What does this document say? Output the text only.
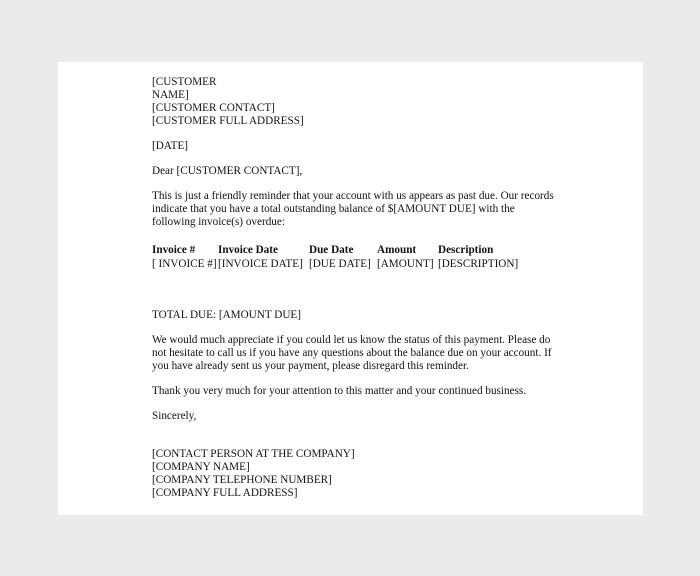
[CUSTOMER
NAME]
[CUSTOMER CONTACT]
[CUSTOMER FULL ADDRESS]
[DATE]
Dear [CUSTOMER CONTACT],
This is just a friendly reminder that your account with us appears as past due. Our records
indicate that you have a total outstanding balance of $[AMOUNT DUE] with the
following invoice(s) overdue:
Invoice #	Invoice Date	Due Date	Amount	Description
[ INVOICE #]	[INVOICE DATE]	[DUE DATE]	[AMOUNT]	[DESCRIPTION]
TOTAL DUE: [AMOUNT DUE]
We would much appreciate if you could let us know the status of this payment. Please do
not hesitate to call us if you have any questions about the balance due on your account. If
you have already sent us your payment, please disregard this reminder.
Thank you very much for your attention to this matter and your continued business.
Sincerely,
[CONTACT PERSON AT THE COMPANY]
[COMPANY NAME]
[COMPANY TELEPHONE NUMBER]
[COMPANY FULL ADDRESS]
